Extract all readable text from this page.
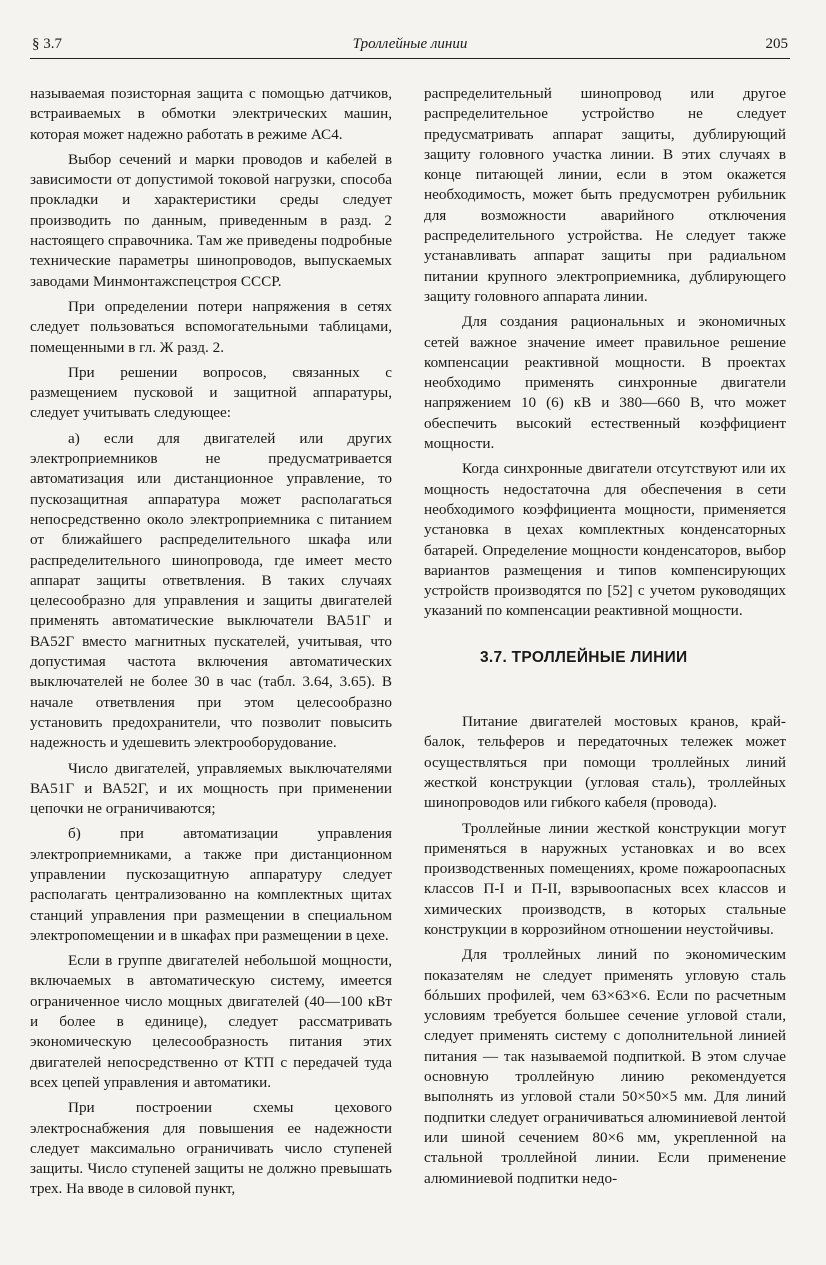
§ 3.7	Троллейные линии	205

называемая позисторная защита с помощью датчиков, встраиваемых в обмотки электрических машин, которая может надежно работать в режиме АС4.

Выбор сечений и марки проводов и кабелей в зависимости от допустимой токовой нагрузки, способа прокладки и характеристики среды следует производить по данным, приведенным в разд. 2 настоящего справочника. Там же приведены подробные технические параметры шинопроводов, выпускаемых заводами Минмонтажспецстроя СССР.

При определении потери напряжения в сетях следует пользоваться вспомогательными таблицами, помещенными в гл. Ж разд. 2.

При решении вопросов, связанных с размещением пусковой и защитной аппаратуры, следует учитывать следующее:

а) если для двигателей или других электроприемников не предусматривается автоматизация или дистанционное управление, то пускозащитная аппаратура может располагаться непосредственно около электроприемника с питанием от ближайшего распределительного шкафа или распределительного шинопровода, где имеет место аппарат защиты ответвления. В таких случаях целесообразно для управления и защиты двигателей применять автоматические выключатели ВА51Г и ВА52Г вместо магнитных пускателей, учитывая, что допустимая частота включения автоматических выключателей не более 30 в час (табл. 3.64, 3.65). В начале ответвления при этом целесообразно установить предохранители, что позволит повысить надежность и удешевить электрооборудование.

Число двигателей, управляемых выключателями ВА51Г и ВА52Г, и их мощность при применении цепочки не ограничиваются;

б) при автоматизации управления электроприемниками, а также при дистанционном управлении пускозащитную аппаратуру следует располагать централизованно на комплектных щитах станций управления при размещении в специальном электропомещении и в шкафах при размещении в цехе.

Если в группе двигателей небольшой мощности, включаемых в автоматическую систему, имеется ограниченное число мощных двигателей (40—100 кВт и более в единице), следует рассматривать экономическую целесообразность питания этих двигателей непосредственно от КТП с передачей туда всех цепей управления и автоматики.

При построении схемы цехового электроснабжения для повышения ее надежности следует максимально ограничивать число ступеней защиты. Число ступеней защиты не должно превышать трех. На вводе в силовой пункт,

распределительный шинопровод или другое распределительное устройство не следует предусматривать аппарат защиты, дублирующий защиту головного участка линии. В этих случаях в конце питающей линии, если в этом окажется необходимость, может быть предусмотрен рубильник для возможности аварийного отключения распределительного устройства. Не следует также устанавливать аппарат защиты при радиальном питании крупного электроприемника, дублирующего защиту головного аппарата линии.

Для создания рациональных и экономичных сетей важное значение имеет правильное решение компенсации реактивной мощности. В проектах необходимо применять синхронные двигатели напряжением 10 (6) кВ и 380—660 В, что может обеспечить высокий естественный коэффициент мощности.

Когда синхронные двигатели отсутствуют или их мощность недостаточна для обеспечения в сети необходимого коэффициента мощности, применяется установка в цехах комплектных конденсаторных батарей. Определение мощности конденсаторов, выбор вариантов размещения и типов компенсирующих устройств производятся по [52] с учетом руководящих указаний по компенсации реактивной мощности.

3.7. ТРОЛЛЕЙНЫЕ ЛИНИИ

Питание двигателей мостовых кранов, край-балок, тельферов и передаточных тележек может осуществляться при помощи троллейных линий жесткой конструкции (угловая сталь), троллейных шинопроводов или гибкого кабеля (провода).

Троллейные линии жесткой конструкции могут применяться в наружных установках и во всех производственных помещениях, кроме пожароопасных классов П-I и П-II, взрывоопасных всех классов и химических производств, в которых стальные конструкции в коррозийном отношении неустойчивы.

Для троллейных линий по экономическим показателям не следует применять угловую сталь бóльших профилей, чем 63×63×6. Если по расчетным условиям требуется большее сечение угловой стали, следует применять систему с дополнительной линией питания — так называемой подпиткой. В этом случае основную троллейную линию рекомендуется выполнять из угловой стали 50×50×5 мм. Для линий подпитки следует ограничиваться алюминиевой лентой или шиной сечением 80×6 мм, укрепленной на стальной троллейной линии. Если применение алюминиевой подпитки недо-
